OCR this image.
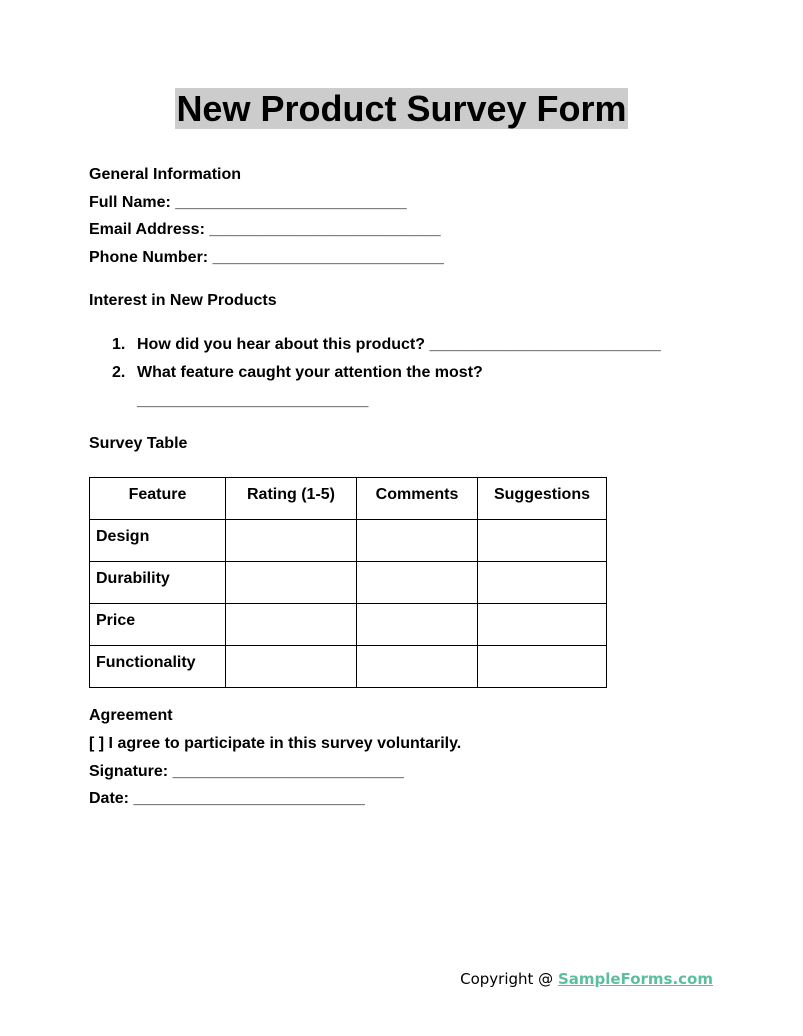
New Product Survey Form
General Information
Full Name: __________________________
Email Address: __________________________
Phone Number: __________________________
Interest in New Products
1. How did you hear about this product? __________________________
2. What feature caught your attention the most?
__________________________
Survey Table
Feature	Rating (1-5)	Comments	Suggestions
Design			
Durability			
Price			
Functionality			
Agreement
[ ] I agree to participate in this survey voluntarily.
Signature: __________________________
Date: __________________________
Copyright @ SampleForms.com
